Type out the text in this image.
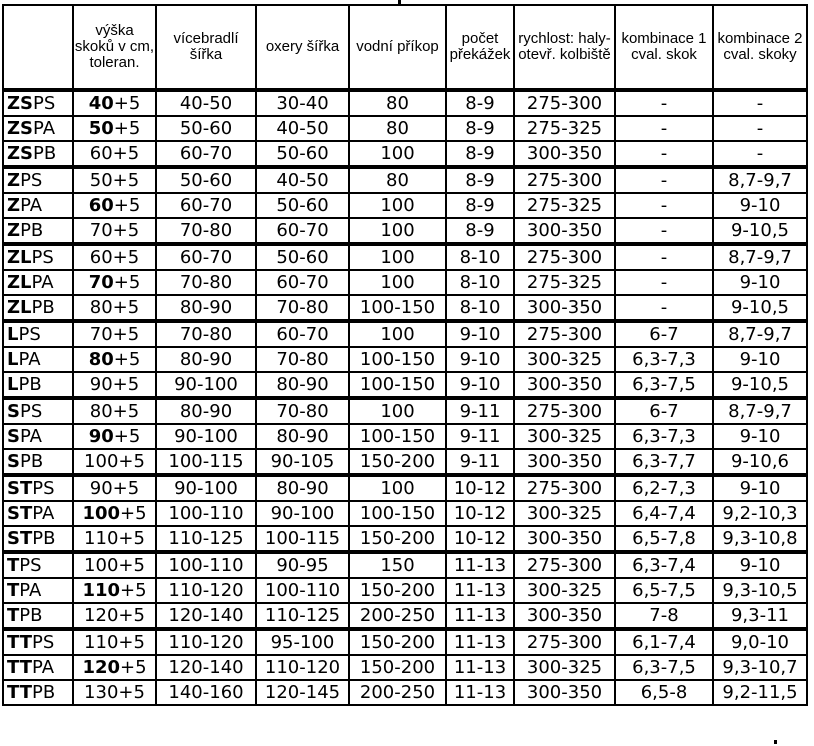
	výška skoků v cm, toleran.	vícebradlí šířka	oxery šířka	vodní příkop	počet překážek	rychlost: haly-otevř. kolbiště	kombinace 1 cval. skok	kombinace 2 cval. skoky
ZSPS	40+5	40-50	30-40	80	8-9	275-300	-	-
ZSPA	50+5	50-60	40-50	80	8-9	275-325	-	-
ZSPB	60+5	60-70	50-60	100	8-9	300-350	-	-
ZPS	50+5	50-60	40-50	80	8-9	275-300	-	8,7-9,7
ZPA	60+5	60-70	50-60	100	8-9	275-325	-	9-10
ZPB	70+5	70-80	60-70	100	8-9	300-350	-	9-10,5
ZLPS	60+5	60-70	50-60	100	8-10	275-300	-	8,7-9,7
ZLPA	70+5	70-80	60-70	100	8-10	275-325	-	9-10
ZLPB	80+5	80-90	70-80	100-150	8-10	300-350	-	9-10,5
LPS	70+5	70-80	60-70	100	9-10	275-300	6-7	8,7-9,7
LPA	80+5	80-90	70-80	100-150	9-10	300-325	6,3-7,3	9-10
LPB	90+5	90-100	80-90	100-150	9-10	300-350	6,3-7,5	9-10,5
SPS	80+5	80-90	70-80	100	9-11	275-300	6-7	8,7-9,7
SPA	90+5	90-100	80-90	100-150	9-11	300-325	6,3-7,3	9-10
SPB	100+5	100-115	90-105	150-200	9-11	300-350	6,3-7,7	9-10,6
STPS	90+5	90-100	80-90	100	10-12	275-300	6,2-7,3	9-10
STPA	100+5	100-110	90-100	100-150	10-12	300-325	6,4-7,4	9,2-10,3
STPB	110+5	110-125	100-115	150-200	10-12	300-350	6,5-7,8	9,3-10,8
TPS	100+5	100-110	90-95	150	11-13	275-300	6,3-7,4	9-10
TPA	110+5	110-120	100-110	150-200	11-13	300-325	6,5-7,5	9,3-10,5
TPB	120+5	120-140	110-125	200-250	11-13	300-350	7-8	9,3-11
TTPS	110+5	110-120	95-100	150-200	11-13	275-300	6,1-7,4	9,0-10
TTPA	120+5	120-140	110-120	150-200	11-13	300-325	6,3-7,5	9,3-10,7
TTPB	130+5	140-160	120-145	200-250	11-13	300-350	6,5-8	9,2-11,5
